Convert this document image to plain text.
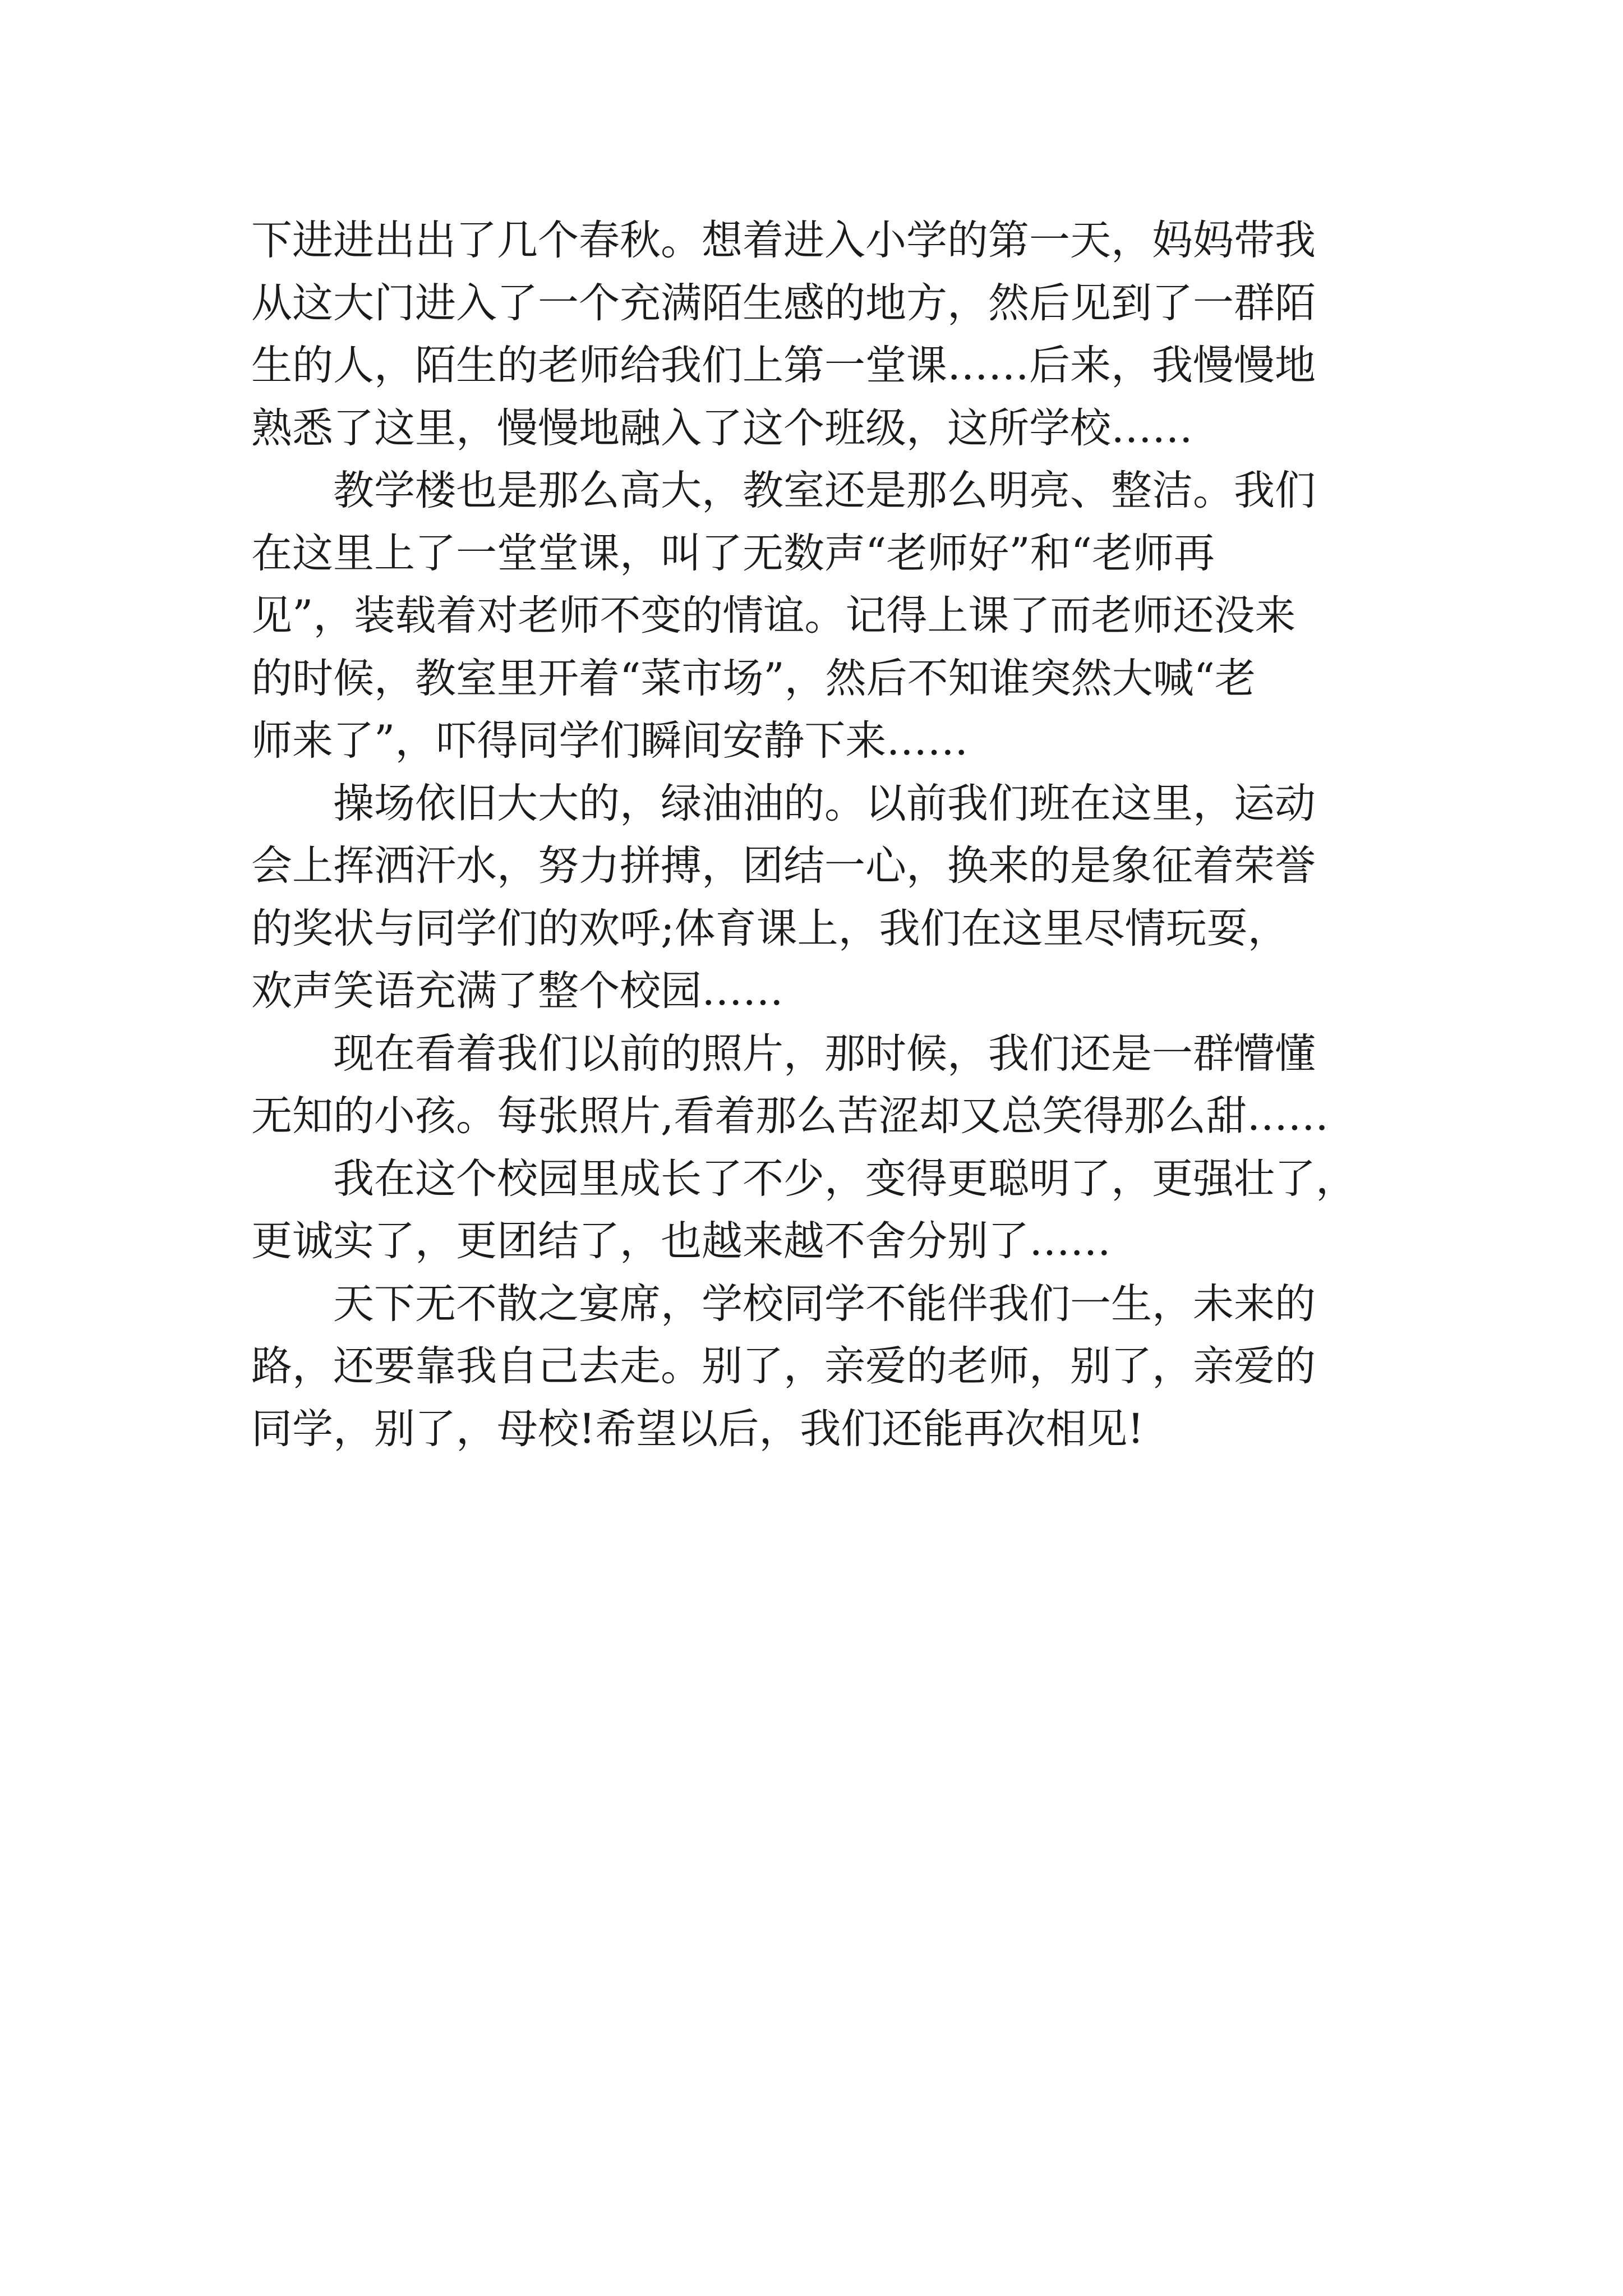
下进进出出了几个春秋。想着进入小学的第一天，妈妈带我
从这大门进入了一个充满陌生感的地方，然后见到了一群陌
生的人，陌生的老师给我们上第一堂课……后来，我慢慢地
熟悉了这里，慢慢地融入了这个班级，这所学校……
教学楼也是那么高大，教室还是那么明亮、整洁。我们
在这里上了一堂堂课，叫了无数声“老师好”和“老师再
见”，装载着对老师不变的情谊。记得上课了而老师还没来
的时候，教室里开着“菜市场”，然后不知谁突然大喊“老
师来了”，吓得同学们瞬间安静下来……
操场依旧大大的，绿油油的。以前我们班在这里，运动
会上挥洒汗水，努力拼搏，团结一心，换来的是象征着荣誉
的奖状与同学们的欢呼;体育课上，我们在这里尽情玩耍，
欢声笑语充满了整个校园……
现在看着我们以前的照片，那时候，我们还是一群懵懂
无知的小孩。每张照片,看着那么苦涩却又总笑得那么甜……
我在这个校园里成长了不少，变得更聪明了，更强壮了，
更诚实了，更团结了，也越来越不舍分别了……
天下无不散之宴席，学校同学不能伴我们一生，未来的
路，还要靠我自己去走。别了，亲爱的老师，别了，亲爱的
同学，别了，母校!希望以后，我们还能再次相见!
